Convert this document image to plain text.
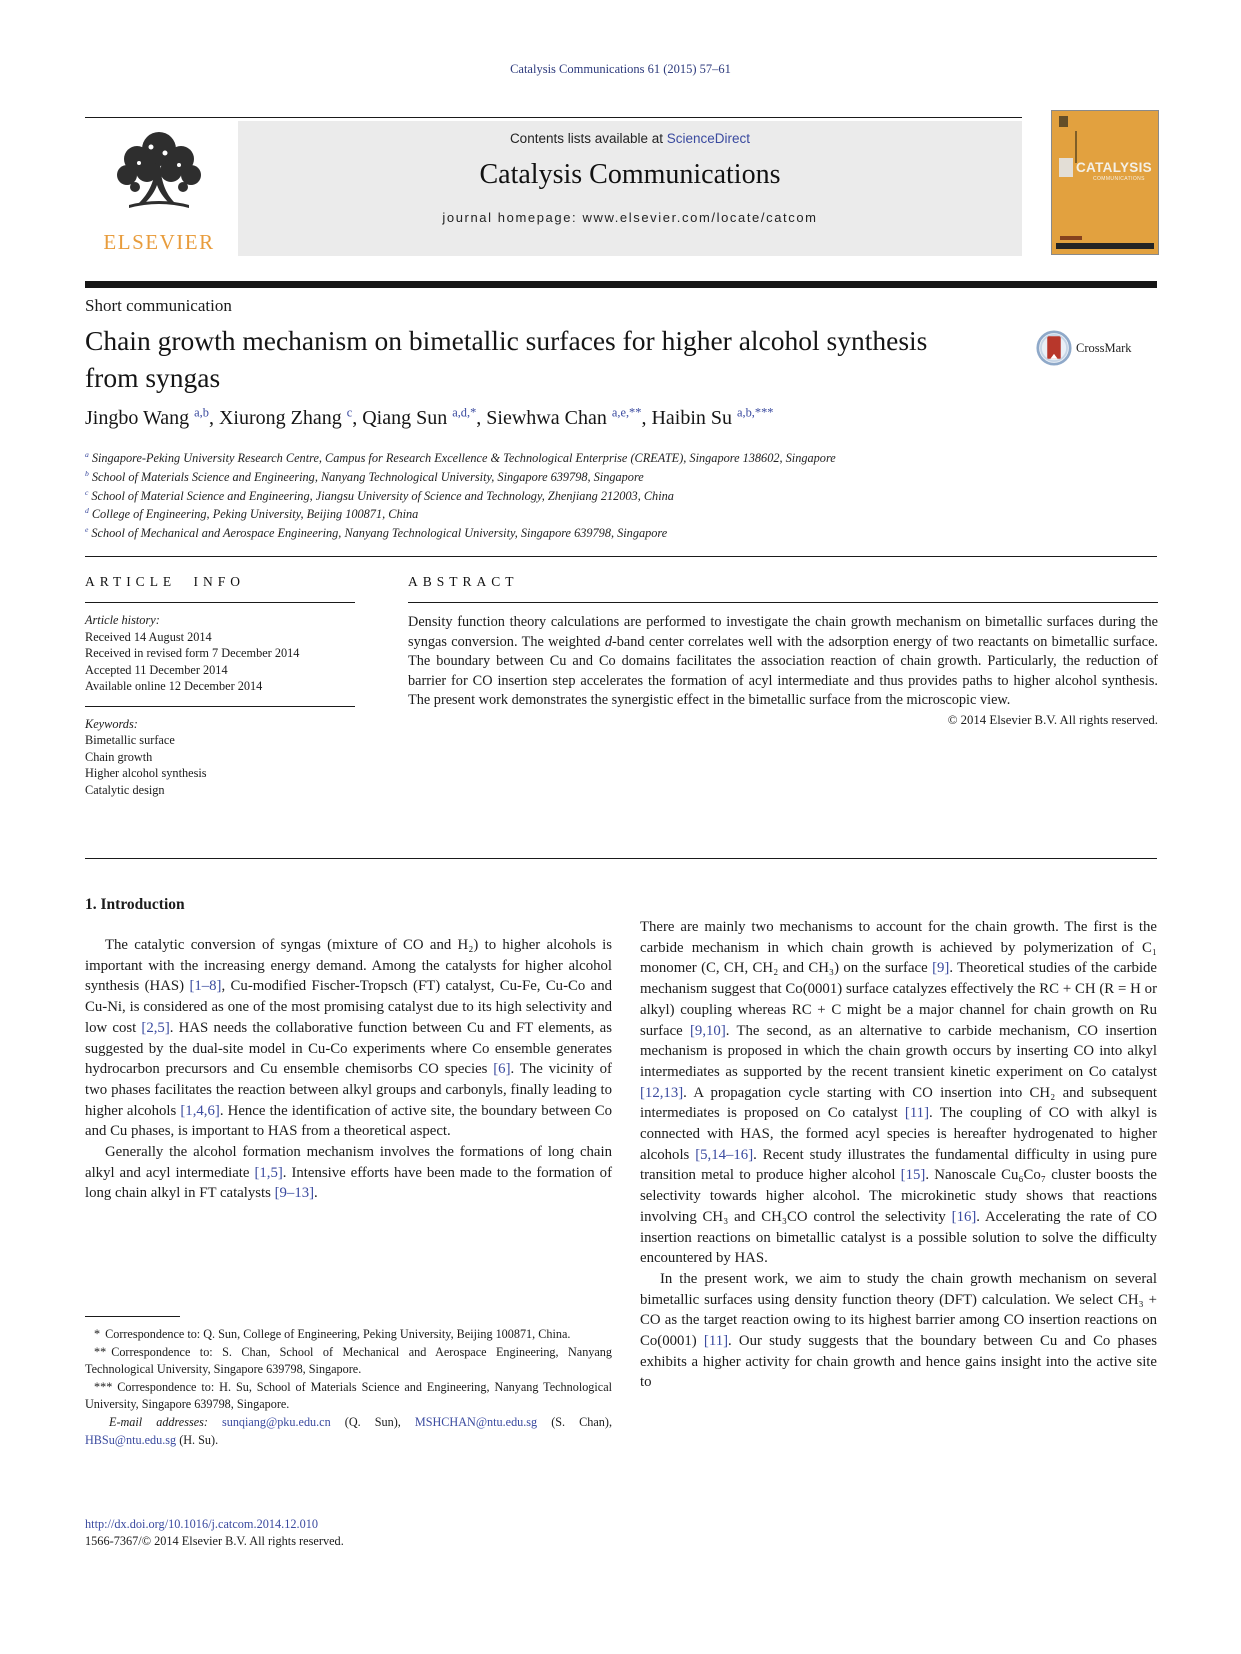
Catalysis Communications 61 (2015) 57–61
ELSEVIER
Contents lists available at ScienceDirect
Catalysis Communications
journal homepage: www.elsevier.com/locate/catcom
CATALYSIS
COMMUNICATIONS
Short communication
Chain growth mechanism on bimetallic surfaces for higher alcohol synthesis from syngas
CrossMark
Jingbo Wang $^{a,b}$, Xiurong Zhang $^c$, Qiang Sun $^{a,d,*}$, Siewhwa Chan $^{a,e,**}$, Haibin Su $^{a,b,***}$
$^a$ Singapore-Peking University Research Centre, Campus for Research Excellence & Technological Enterprise (CREATE), Singapore 138602, Singapore
$^b$ School of Materials Science and Engineering, Nanyang Technological University, Singapore 639798, Singapore
$^c$ School of Material Science and Engineering, Jiangsu University of Science and Technology, Zhenjiang 212003, China
$^d$ College of Engineering, Peking University, Beijing 100871, China
$^e$ School of Mechanical and Aerospace Engineering, Nanyang Technological University, Singapore 639798, Singapore
ARTICLE INFO
Article history:
Received 14 August 2014
Received in revised form 7 December 2014
Accepted 11 December 2014
Available online 12 December 2014
Keywords:
Bimetallic surface
Chain growth
Higher alcohol synthesis
Catalytic design
ABSTRACT
Density function theory calculations are performed to investigate the chain growth mechanism on bimetallic surfaces during the syngas conversion. The weighted d-band center correlates well with the adsorption energy of two reactants on bimetallic surface. The boundary between Cu and Co domains facilitates the association reaction of chain growth. Particularly, the reduction of barrier for CO insertion step accelerates the formation of acyl intermediate and thus provides paths to higher alcohol synthesis. The present work demonstrates the synergistic effect in the bimetallic surface from the microscopic view.
© 2014 Elsevier B.V. All rights reserved.
1. Introduction

The catalytic conversion of syngas (mixture of CO and H₂) to higher alcohols is important with the increasing energy demand. Among the catalysts for higher alcohol synthesis (HAS) [1–8], Cu-modified Fischer-Tropsch (FT) catalyst, Cu-Fe, Cu-Co and Cu-Ni, is considered as one of the most promising catalyst due to its high selectivity and low cost [2,5]. HAS needs the collaborative function between Cu and FT elements, as suggested by the dual-site model in Cu-Co experiments where Co ensemble generates hydrocarbon precursors and Cu ensemble chemisorbs CO species [6]. The vicinity of two phases facilitates the reaction between alkyl groups and carbonyls, finally leading to higher alcohols [1,4,6]. Hence the identification of active site, the boundary between Co and Cu phases, is important to HAS from a theoretical aspect.

Generally the alcohol formation mechanism involves the formations of long chain alkyl and acyl intermediate [1,5]. Intensive efforts have been made to the formation of long chain alkyl in FT catalysts [9–13].

There are mainly two mechanisms to account for the chain growth. The first is the carbide mechanism in which chain growth is achieved by polymerization of C₁ monomer (C, CH, CH₂ and CH₃) on the surface [9]. Theoretical studies of the carbide mechanism suggest that Co(0001) surface catalyzes effectively the RC + CH (R = H or alkyl) coupling whereas RC + C might be a major channel for chain growth on Ru surface [9,10]. The second, as an alternative to carbide mechanism, CO insertion mechanism is proposed in which the chain growth occurs by inserting CO into alkyl intermediates as supported by the recent transient kinetic experiment on Co catalyst [12,13]. A propagation cycle starting with CO insertion into CH₂ and subsequent intermediates is proposed on Co catalyst [11]. The coupling of CO with alkyl is connected with HAS, the formed acyl species is hereafter hydrogenated to higher alcohols [5,14–16]. Recent study illustrates the fundamental difficulty in using pure transition metal to produce higher alcohol [15]. Nanoscale Cu₆Co₇ cluster boosts the selectivity towards higher alcohol. The microkinetic study shows that reactions involving CH₃ and CH₃CO control the selectivity [16]. Accelerating the rate of CO insertion reactions on bimetallic catalyst is a possible solution to solve the difficulty encountered by HAS.

In the present work, we aim to study the chain growth mechanism on several bimetallic surfaces using density function theory (DFT) calculation. We select CH₃ + CO as the target reaction owing to its highest barrier among CO insertion reactions on Co(0001) [11]. Our study suggests that the boundary between Cu and Co phases exhibits a higher activity for chain growth and hence gains insight into the active site to

* Correspondence to: Q. Sun, College of Engineering, Peking University, Beijing 100871, China.
** Correspondence to: S. Chan, School of Mechanical and Aerospace Engineering, Nanyang Technological University, Singapore 639798, Singapore.
*** Correspondence to: H. Su, School of Materials Science and Engineering, Nanyang Technological University, Singapore 639798, Singapore.
E-mail addresses: sunqiang@pku.edu.cn (Q. Sun), MSHCHAN@ntu.edu.sg (S. Chan), HBSu@ntu.edu.sg (H. Su).
http://dx.doi.org/10.1016/j.catcom.2014.12.010
1566-7367/© 2014 Elsevier B.V. All rights reserved.
